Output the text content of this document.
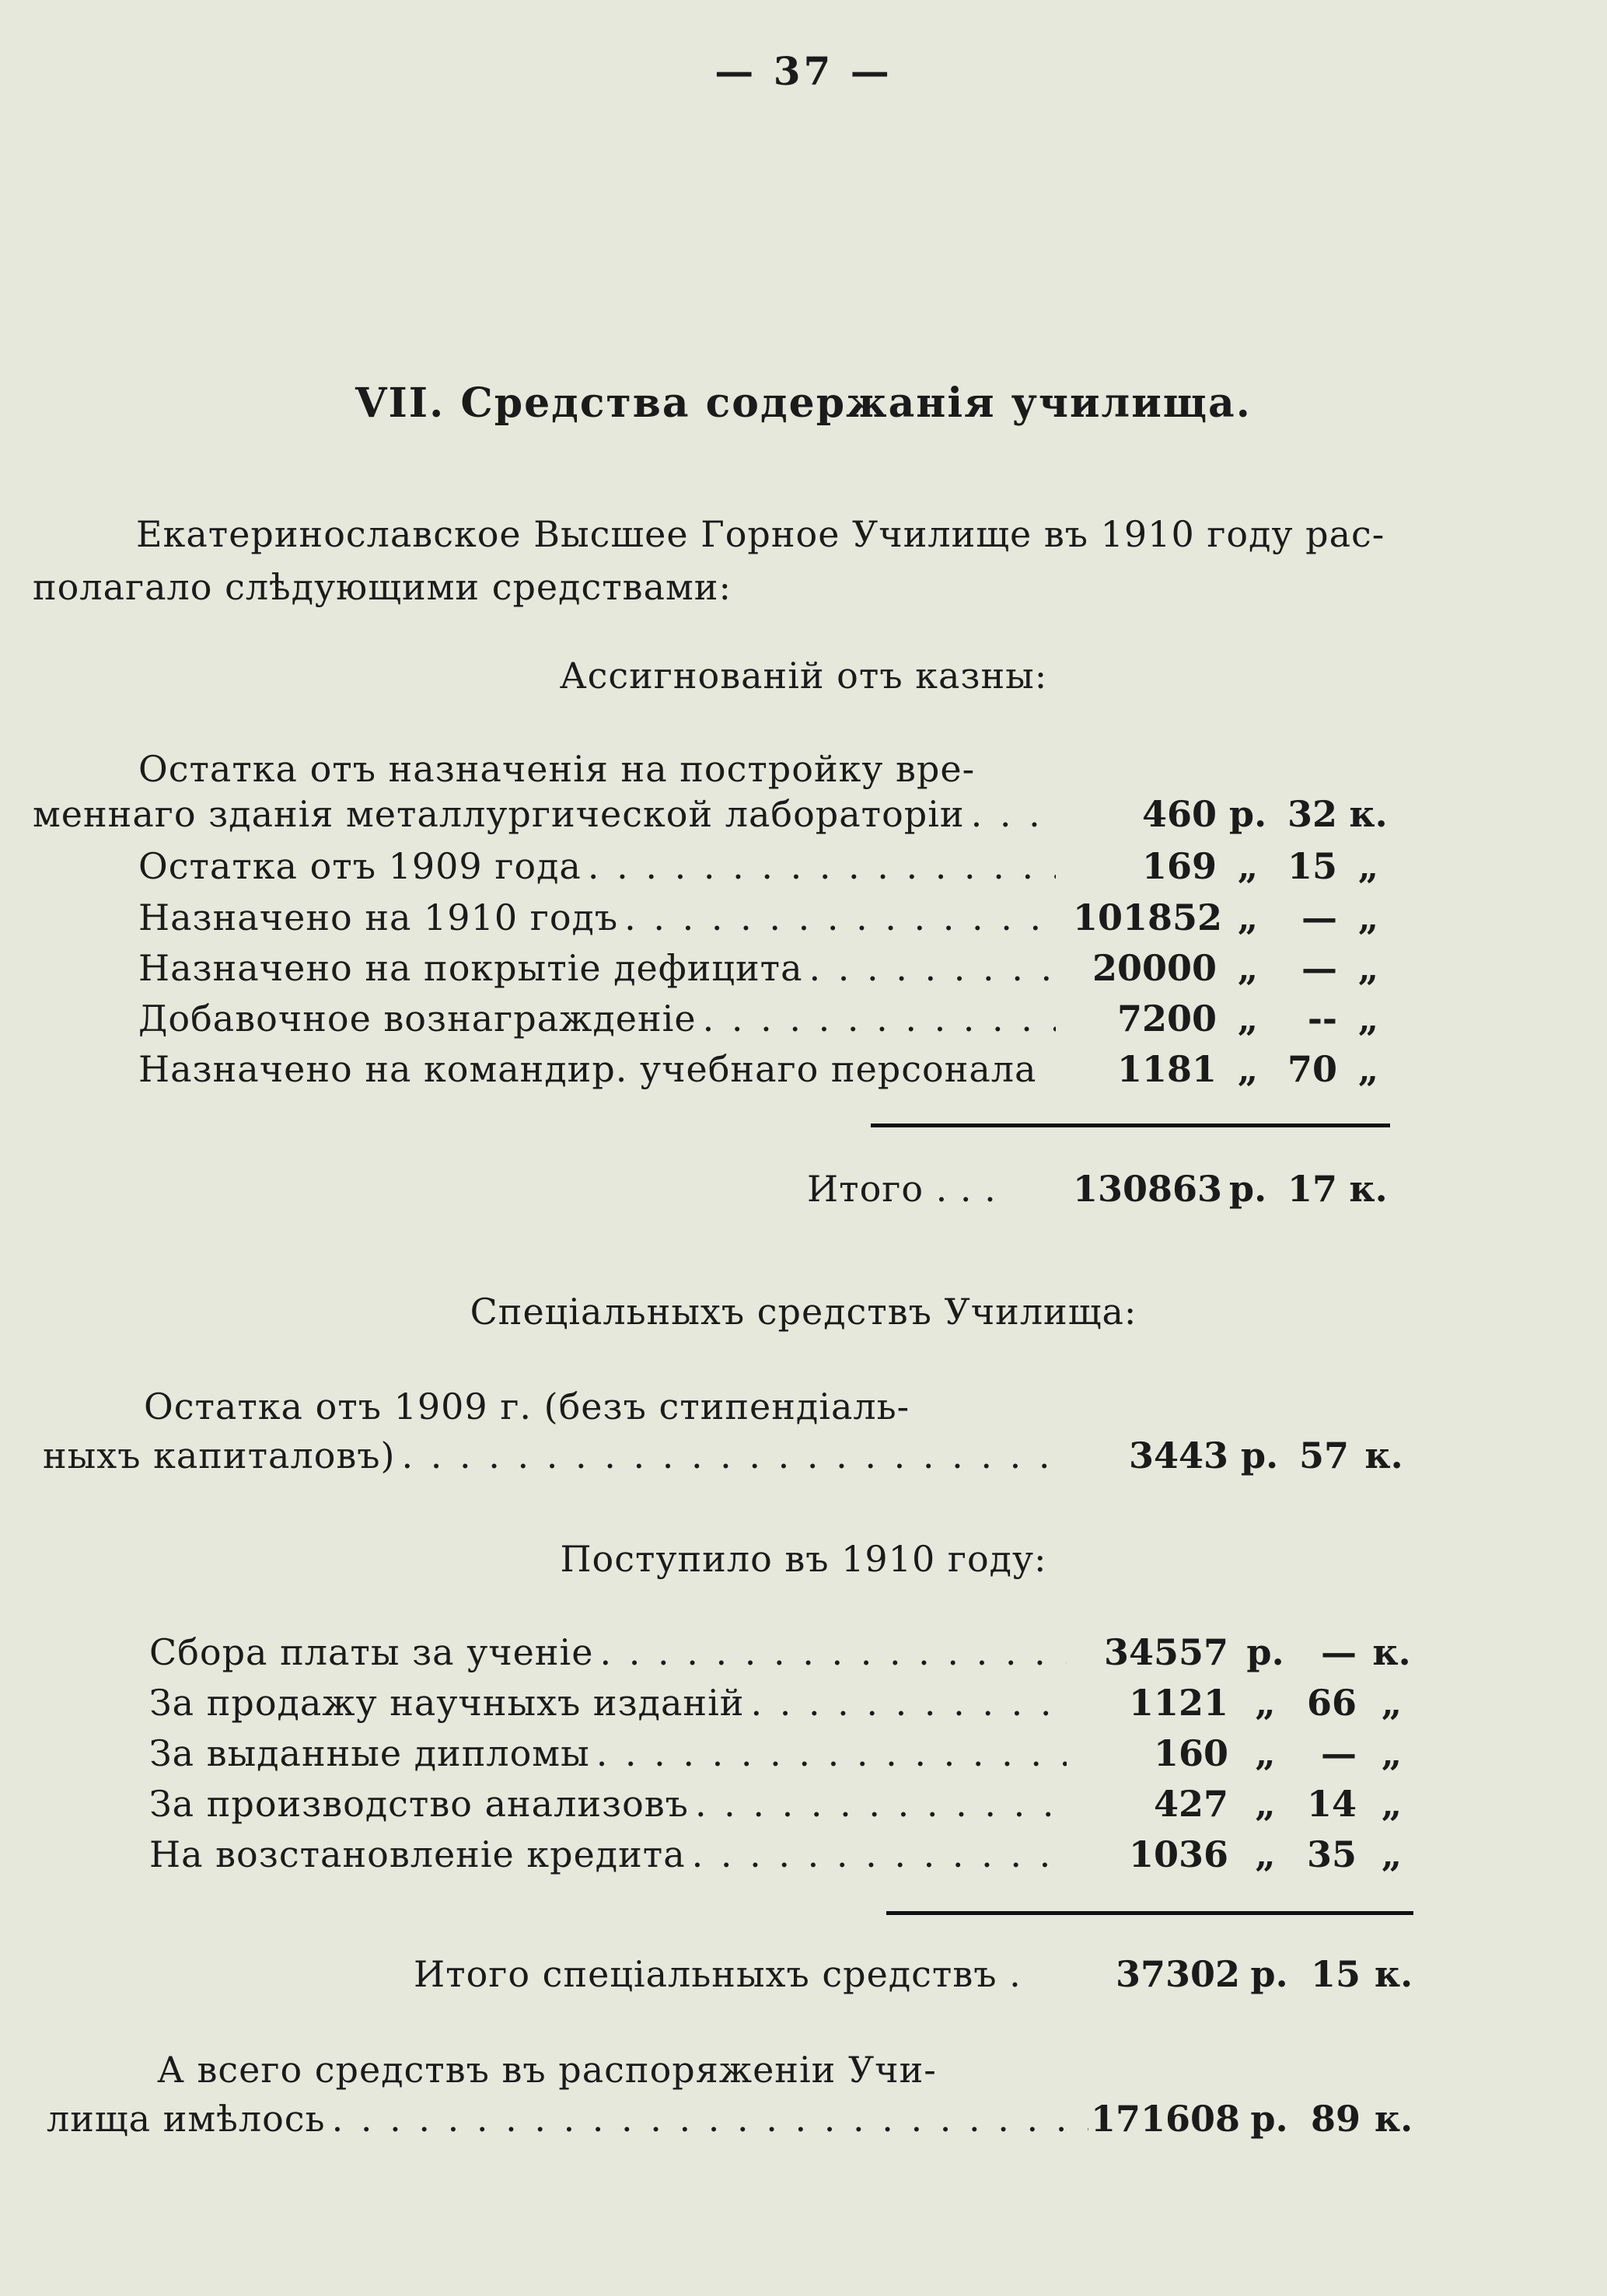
— 37 —
VII. Средства содержанія училища.
Екатеринославское Высшее Горное Училище въ 1910 году рас-
полагало слѣдующими средствами:
Ассигнованій отъ казны:
Остатка отъ назначенія на постройку вре-
меннаго зданія металлургической лабораторіи . . .	460 р. 32 к.
Остатка отъ 1909 года . . .	169 „ 15 „
Назначено на 1910 годъ . . .	101852 „	— „
Назначено на покрытіе дефицита . . .	20000 „	— „
Добавочное вознагражденіе . . .	7200 „	-- „
Назначено на командир. учебнаго персонала	1181 „ 70 „
Итого . . . 130863 р. 17 к.
Спеціальныхъ средствъ Училища:
Остатка отъ 1909 г. (безъ стипендіаль-
ныхъ капиталовъ) . . .	3443 р. 57 к.
Поступило въ 1910 году:
Сбора платы за ученіе . . .	34557 р.	— к.
За продажу научныхъ изданій . . .	1121 „ 66 „
За выданные дипломы . . .	160 „	— „
За производство анализовъ . . .	427 „ 14 „
На возстановленіе кредита . . .	1036 „ 35 „
Итого спеціальныхъ средствъ .	37302 р. 15 к.
А всего средствъ въ распоряженіи Учи-
лища имѣлось . . .	171608 р. 89 к.
